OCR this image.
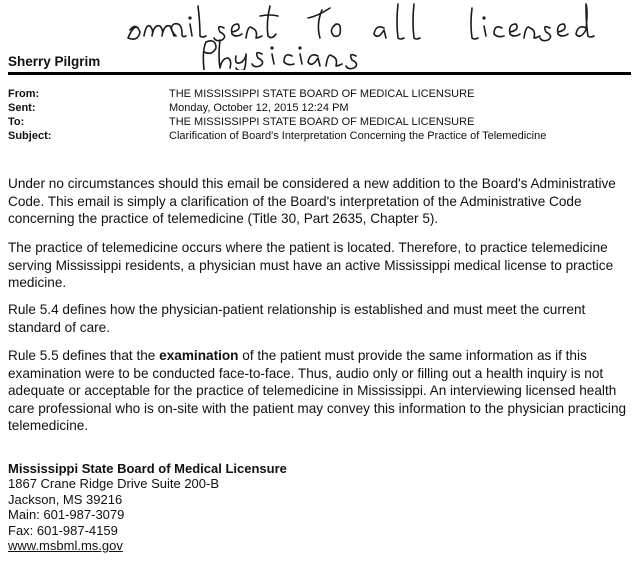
Sherry Pilgrim
From:	THE MISSISSIPPI STATE BOARD OF MEDICAL LICENSURE
Sent:	Monday, October 12, 2015 12:24 PM
To:	THE MISSISSIPPI STATE BOARD OF MEDICAL LICENSURE
Subject:	Clarification of Board's Interpretation Concerning the Practice of Telemedicine

Under no circumstances should this email be considered a new addition to the Board's Administrative Code. This email is simply a clarification of the Board's interpretation of the Administrative Code concerning the practice of telemedicine (Title 30, Part 2635, Chapter 5).

The practice of telemedicine occurs where the patient is located. Therefore, to practice telemedicine serving Mississippi residents, a physician must have an active Mississippi medical license to practice medicine.

Rule 5.4 defines how the physician-patient relationship is established and must meet the current standard of care.

Rule 5.5 defines that the examination of the patient must provide the same information as if this examination were to be conducted face-to-face. Thus, audio only or filling out a health inquiry is not adequate or acceptable for the practice of telemedicine in Mississippi. An interviewing licensed health care professional who is on-site with the patient may convey this information to the physician practicing telemedicine.

Mississippi State Board of Medical Licensure
1867 Crane Ridge Drive Suite 200-B
Jackson, MS 39216
Main: 601-987-3079
Fax: 601-987-4159
www.msbml.ms.gov
